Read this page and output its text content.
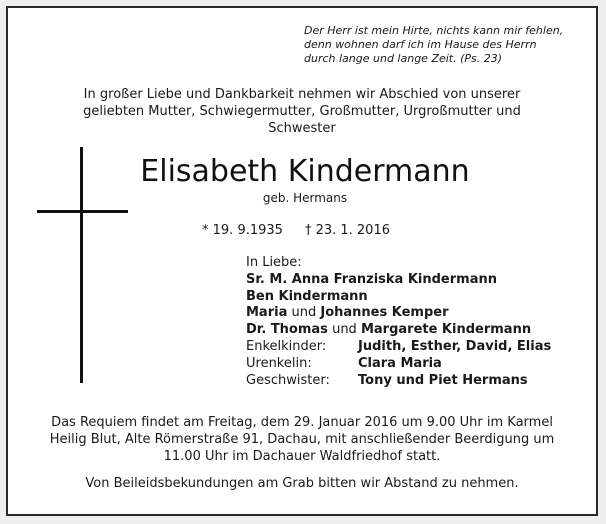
Der Herr ist mein Hirte, nichts kann mir fehlen,
denn wohnen darf ich im Hause des Herrn
durch lange und lange Zeit. (Ps. 23)
In großer Liebe und Dankbarkeit nehmen wir Abschied von unserer
geliebten Mutter, Schwiegermutter, Großmutter, Urgroßmutter und
Schwester
Elisabeth Kindermann
geb. Hermans
* 19. 9.1935 † 23. 1. 2016
In Liebe:
Sr. M. Anna Franziska Kindermann
Ben Kindermann
Maria und Johannes Kemper
Dr. Thomas und Margarete Kindermann
Enkelkinder: Judith, Esther, David, Elias
Urenkelin:	Clara Maria
Geschwister: Tony und Piet Hermans
Das Requiem findet am Freitag, dem 29. Januar 2016 um 9.00 Uhr im Karmel
Heilig Blut, Alte Römerstraße 91, Dachau, mit anschließender Beerdigung um
11.00 Uhr im Dachauer Waldfriedhof statt.
Von Beileidsbekundungen am Grab bitten wir Abstand zu nehmen.
